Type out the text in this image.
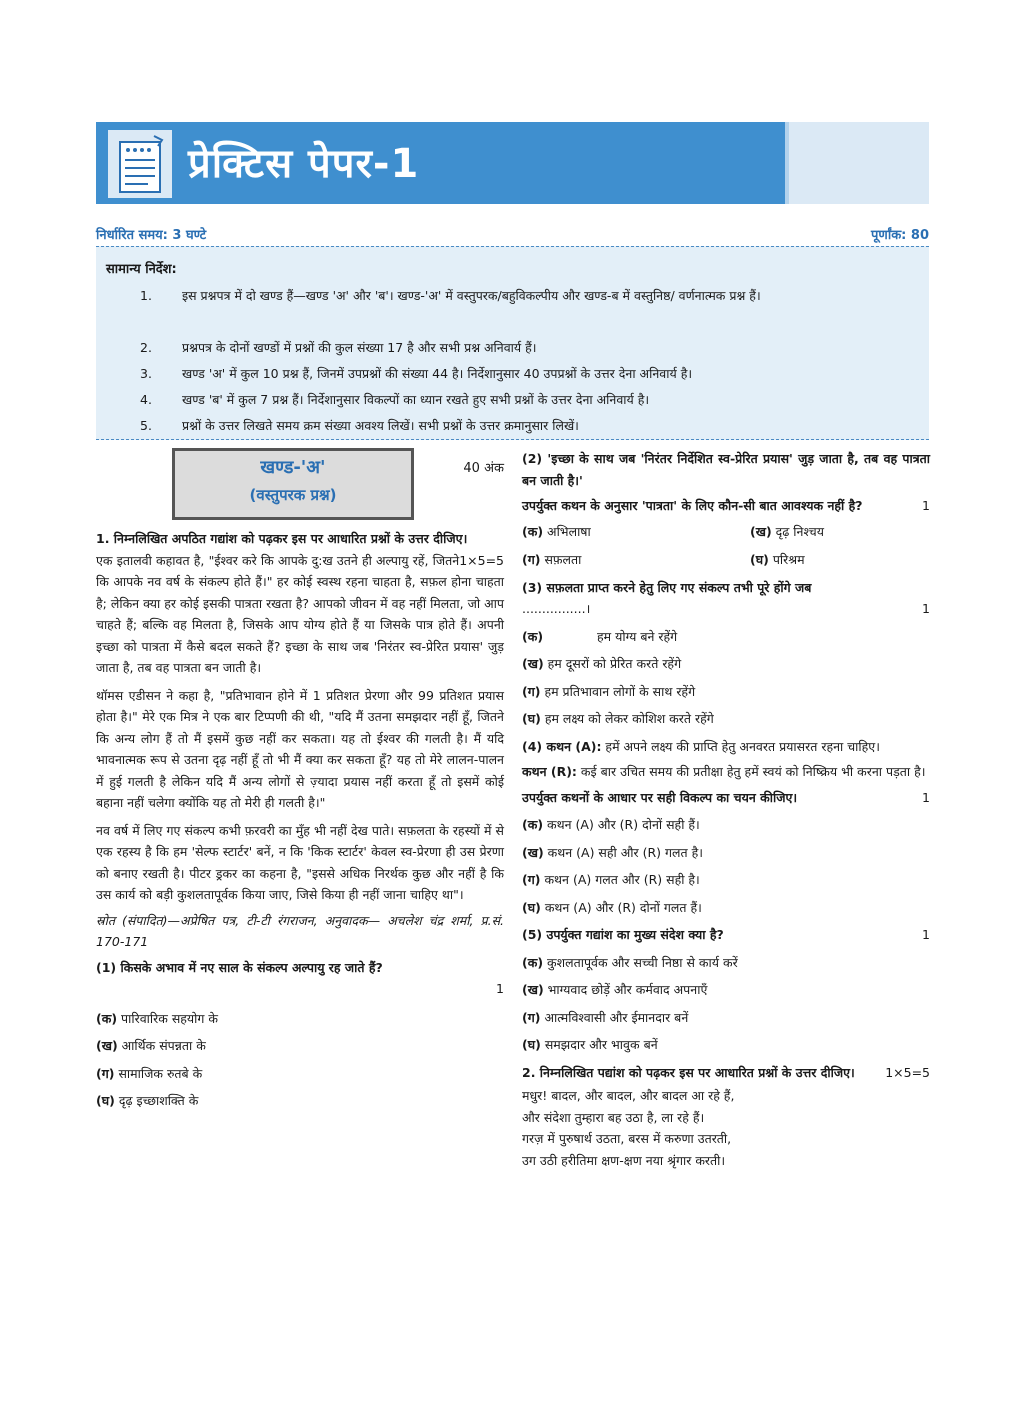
प्रेक्टिस पेपर-1
निर्धारित समय: 3 घण्टे	पूर्णांक: 80
सामान्य निर्देश:
1. इस प्रश्नपत्र में दो खण्ड हैं—खण्ड 'अ' और 'ब'। खण्ड-'अ' में वस्तुपरक/बहुविकल्पीय और खण्ड-ब में वस्तुनिष्ठ/ वर्णनात्मक प्रश्न हैं।
2. प्रश्नपत्र के दोनों खण्डों में प्रश्नों की कुल संख्या 17 है और सभी प्रश्न अनिवार्य हैं।
3. खण्ड 'अ' में कुल 10 प्रश्न हैं, जिनमें उपप्रश्नों की संख्या 44 है। निर्देशानुसार 40 उपप्रश्नों के उत्तर देना अनिवार्य है।
4. खण्ड 'ब' में कुल 7 प्रश्न हैं। निर्देशानुसार विकल्पों का ध्यान रखते हुए सभी प्रश्नों के उत्तर देना अनिवार्य है।
5. प्रश्नों के उत्तर लिखते समय क्रम संख्या अवश्य लिखें। सभी प्रश्नों के उत्तर क्रमानुसार लिखें।
खण्ड-'अ'
(वस्तुपरक प्रश्न)
40 अंक

1. निम्नलिखित अपठित गद्यांश को पढ़कर इस पर आधारित प्रश्नों के उत्तर दीजिए।
1×5=5

एक इतालवी कहावत है, "ईश्वर करे कि आपके दु:ख उतने ही अल्पायु रहें, जितने कि आपके नव वर्ष के संकल्प होते हैं।" हर कोई स्वस्थ रहना चाहता है, सफ़ल होना चाहता है; लेकिन क्या हर कोई इसकी पात्रता रखता है? आपको जीवन में वह नहीं मिलता, जो आप चाहते हैं; बल्कि वह मिलता है, जिसके आप योग्य होते हैं या जिसके पात्र होते हैं। अपनी इच्छा को पात्रता में कैसे बदल सकते हैं? इच्छा के साथ जब 'निरंतर स्व-प्रेरित प्रयास' जुड़ जाता है, तब वह पात्रता बन जाती है।

थॉमस एडीसन ने कहा है, "प्रतिभावान होने में 1 प्रतिशत प्रेरणा और 99 प्रतिशत प्रयास होता है।" मेरे एक मित्र ने एक बार टिप्पणी की थी, "यदि मैं उतना समझदार नहीं हूँ, जितने कि अन्य लोग हैं तो मैं इसमें कुछ नहीं कर सकता। यह तो ईश्वर की गलती है। मैं यदि भावनात्मक रूप से उतना दृढ़ नहीं हूँ तो भी मैं क्या कर सकता हूँ? यह तो मेरे लालन-पालन में हुई गलती है लेकिन यदि मैं अन्य लोगों से ज़्यादा प्रयास नहीं करता हूँ तो इसमें कोई बहाना नहीं चलेगा क्योंकि यह तो मेरी ही गलती है।"

नव वर्ष में लिए गए संकल्प कभी फ़रवरी का मुँह भी नहीं देख पाते। सफ़लता के रहस्यों में से एक रहस्य है कि हम 'सेल्फ स्टार्टर' बनें, न कि 'किक स्टार्टर' केवल स्व-प्रेरणा ही उस प्रेरणा को बनाए रखती है। पीटर ड्रकर का कहना है, "इससे अधिक निरर्थक कुछ और नहीं है कि उस कार्य को बड़ी कुशलतापूर्वक किया जाए, जिसे किया ही नहीं जाना चाहिए था"।

स्रोत (संपादित)—अप्रेषित पत्र, टी-टी रंगराजन, अनुवादक— अचलेश चंद्र शर्मा, प्र.सं. 170-171

(1) किसके अभाव में नए साल के संकल्प अल्पायु रह जाते हैं?

1
(क) पारिवारिक सहयोग के
(ख) आर्थिक संपन्नता के
(ग) सामाजिक रुतबे के
(घ) दृढ़ इच्छाशक्ति के

(2) 'इच्छा के साथ जब 'निरंतर निर्देशित स्व-प्रेरित प्रयास' जुड़ जाता है, तब वह पात्रता बन जाती है।'

उपर्युक्त कथन के अनुसार 'पात्रता' के लिए कौन-सी बात आवश्यक नहीं है?	1

(क) अभिलाषा	(ख) दृढ़ निश्चय
(ग) सफ़लता	(घ) परिश्रम

(3) सफ़लता प्राप्त करने हेतु लिए गए संकल्प तभी पूरे होंगे जब

................।	1

(क)	हम योग्य बने रहेंगे
(ख) हम दूसरों को प्रेरित करते रहेंगे
(ग) हम प्रतिभावान लोगों के साथ रहेंगे
(घ) हम लक्ष्य को लेकर कोशिश करते रहेंगे

(4) कथन (A): हमें अपने लक्ष्य की प्राप्ति हेतु अनवरत प्रयासरत रहना चाहिए।

कथन (R): कई बार उचित समय की प्रतीक्षा हेतु हमें स्वयं को निष्क्रिय भी करना पड़ता है।

उपर्युक्त कथनों के आधार पर सही विकल्प का चयन कीजिए।	1

(क) कथन (A) और (R) दोनों सही हैं।
(ख) कथन (A) सही और (R) गलत है।
(ग) कथन (A) गलत और (R) सही है।
(घ) कथन (A) और (R) दोनों गलत हैं।

(5) उपर्युक्त गद्यांश का मुख्य संदेश क्या है?	1

(क) कुशलतापूर्वक और सच्ची निष्ठा से कार्य करें
(ख) भाग्यवाद छोड़ें और कर्मवाद अपनाएँ
(ग) आत्मविश्वासी और ईमानदार बनें
(घ) समझदार और भावुक बनें

2. निम्नलिखित पद्यांश को पढ़कर इस पर आधारित प्रश्नों के उत्तर दीजिए। 1×5=5

मधुर! बादल, और बादल, और बादल आ रहे हैं,
और संदेशा तुम्हारा बह उठा है, ला रहे हैं।
गरज़ में पुरुषार्थ उठता, बरस में करुणा उतरती,
उग उठी हरीतिमा क्षण-क्षण नया श्रृंगार करती।
